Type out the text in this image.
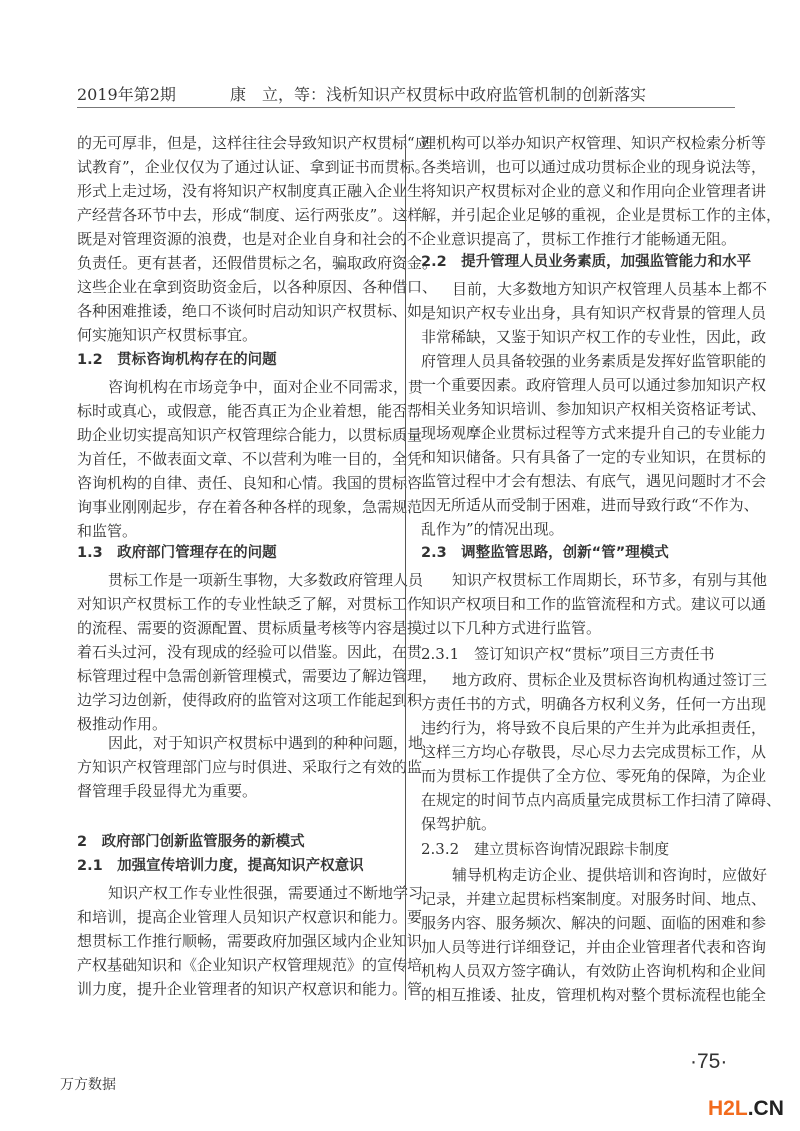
2019年第2期	康　立，等：浅析知识产权贯标中政府监管机制的创新落实
的无可厚非，但是，这样往往会导致知识产权贯标“应
试教育”，企业仅仅为了通过认证、拿到证书而贯标。
形式上走过场，没有将知识产权制度真正融入企业生
产经营各环节中去，形成“制度、运行两张皮”。这样
既是对管理资源的浪费，也是对企业自身和社会的不
负责任。更有甚者，还假借贯标之名，骗取政府资金。
这些企业在拿到资助资金后，以各种原因、各种借口、
各种困难推诿，绝口不谈何时启动知识产权贯标、如
何实施知识产权贯标事宜。
1.2　贯标咨询机构存在的问题
咨询机构在市场竞争中，面对企业不同需求，贯
标时或真心，或假意，能否真正为企业着想，能否帮
助企业切实提高知识产权管理综合能力，以贯标质量
为首任，不做表面文章、不以营利为唯一目的，全凭
咨询机构的自律、责任、良知和心情。我国的贯标咨
询事业刚刚起步，存在着各种各样的现象，急需规范
和监管。
1.3　政府部门管理存在的问题
贯标工作是一项新生事物，大多数政府管理人员
对知识产权贯标工作的专业性缺乏了解，对贯标工作
的流程、需要的资源配置、贯标质量考核等内容是摸
着石头过河，没有现成的经验可以借鉴。因此，在贯
标管理过程中急需创新管理模式，需要边了解边管理，
边学习边创新，使得政府的监管对这项工作能起到积
极推动作用。
因此，对于知识产权贯标中遇到的种种问题，地
方知识产权管理部门应与时俱进、采取行之有效的监
督管理手段显得尤为重要。
2　政府部门创新监管服务的新模式
2.1　加强宣传培训力度，提高知识产权意识
知识产权工作专业性很强，需要通过不断地学习
和培训，提高企业管理人员知识产权意识和能力。要
想贯标工作推行顺畅，需要政府加强区域内企业知识
产权基础知识和《企业知识产权管理规范》的宣传培
训力度，提升企业管理者的知识产权意识和能力。管
理机构可以举办知识产权管理、知识产权检索分析等
各类培训，也可以通过成功贯标企业的现身说法等，
将知识产权贯标对企业的意义和作用向企业管理者讲
解，并引起企业足够的重视，企业是贯标工作的主体，
企业意识提高了，贯标工作推行才能畅通无阻。
2.2　提升管理人员业务素质，加强监管能力和水平
目前，大多数地方知识产权管理人员基本上都不
是知识产权专业出身，具有知识产权背景的管理人员
非常稀缺，又鉴于知识产权工作的专业性，因此，政
府管理人员具备较强的业务素质是发挥好监管职能的
一个重要因素。政府管理人员可以通过参加知识产权
相关业务知识培训、参加知识产权相关资格证考试、
现场观摩企业贯标过程等方式来提升自己的专业能力
和知识储备。只有具备了一定的专业知识，在贯标的
监管过程中才会有想法、有底气，遇见问题时才不会
因无所适从而受制于困难，进而导致行政“不作为、
乱作为”的情况出现。
2.3　调整监管思路，创新“管”理模式
知识产权贯标工作周期长，环节多，有别与其他
知识产权项目和工作的监管流程和方式。建议可以通
过以下几种方式进行监管。
2.3.1　签订知识产权“贯标”项目三方责任书
地方政府、贯标企业及贯标咨询机构通过签订三
方责任书的方式，明确各方权利义务，任何一方出现
违约行为，将导致不良后果的产生并为此承担责任，
这样三方均心存敬畏，尽心尽力去完成贯标工作，从
而为贯标工作提供了全方位、零死角的保障，为企业
在规定的时间节点内高质量完成贯标工作扫清了障碍、
保驾护航。
2.3.2　建立贯标咨询情况跟踪卡制度
辅导机构走访企业、提供培训和咨询时，应做好
记录，并建立起贯标档案制度。对服务时间、地点、
服务内容、服务频次、解决的问题、面临的困难和参
加人员等进行详细登记，并由企业管理者代表和咨询
机构人员双方签字确认，有效防止咨询机构和企业间
的相互推诿、扯皮，管理机构对整个贯标流程也能全
·75·
万方数据
H2L.CN
